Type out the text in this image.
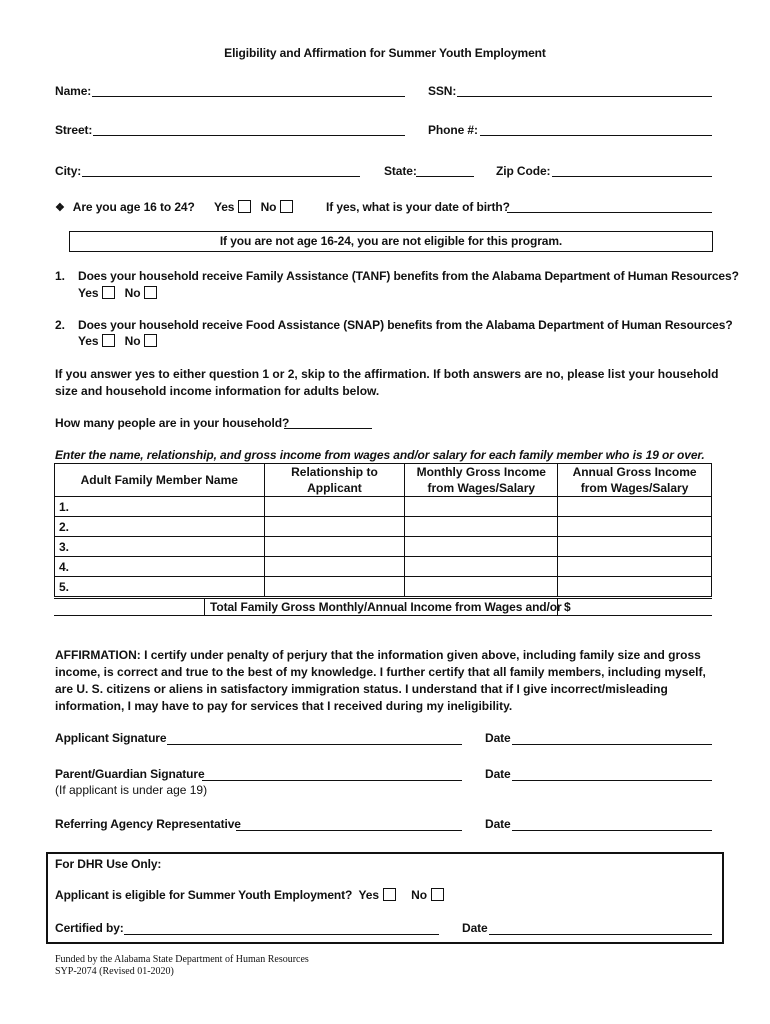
Eligibility and Affirmation for Summer Youth Employment
Name:	SSN:
Street:	Phone #:
City:	State:	Zip Code:
❖ Are you age 16 to 24? Yes No	If yes, what is your date of birth?
If you are not age 16-24, you are not eligible for this program.
1. Does your household receive Family Assistance (TANF) benefits from the Alabama Department of Human Resources?
Yes No
2. Does your household receive Food Assistance (SNAP) benefits from the Alabama Department of Human Resources?
Yes No
If you answer yes to either question 1 or 2, skip to the affirmation. If both answers are no, please list your household size and household income information for adults below.
How many people are in your household?
Enter the name, relationship, and gross income from wages and/or salary for each family member who is 19 or over.
Adult Family Member Name	Relationship to Applicant	Monthly Gross Income from Wages/Salary	Annual Gross Income from Wages/Salary
1.			
2.			
3.			
4.			
5.			
Total Family Gross Monthly/Annual Income from Wages and/or $
AFFIRMATION: I certify under penalty of perjury that the information given above, including family size and gross income, is correct and true to the best of my knowledge. I further certify that all family members, including myself, are U. S. citizens or aliens in satisfactory immigration status. I understand that if I give incorrect/misleading information, I may have to pay for services that I received during my ineligibility.
Applicant Signature	Date
Parent/Guardian Signature	Date
(If applicant is under age 19)
Referring Agency Representative	Date
For DHR Use Only:
Applicant is eligible for Summer Youth Employment? Yes	No
Certified by:	Date
Funded by the Alabama State Department of Human Resources
SYP-2074 (Revised 01-2020)
